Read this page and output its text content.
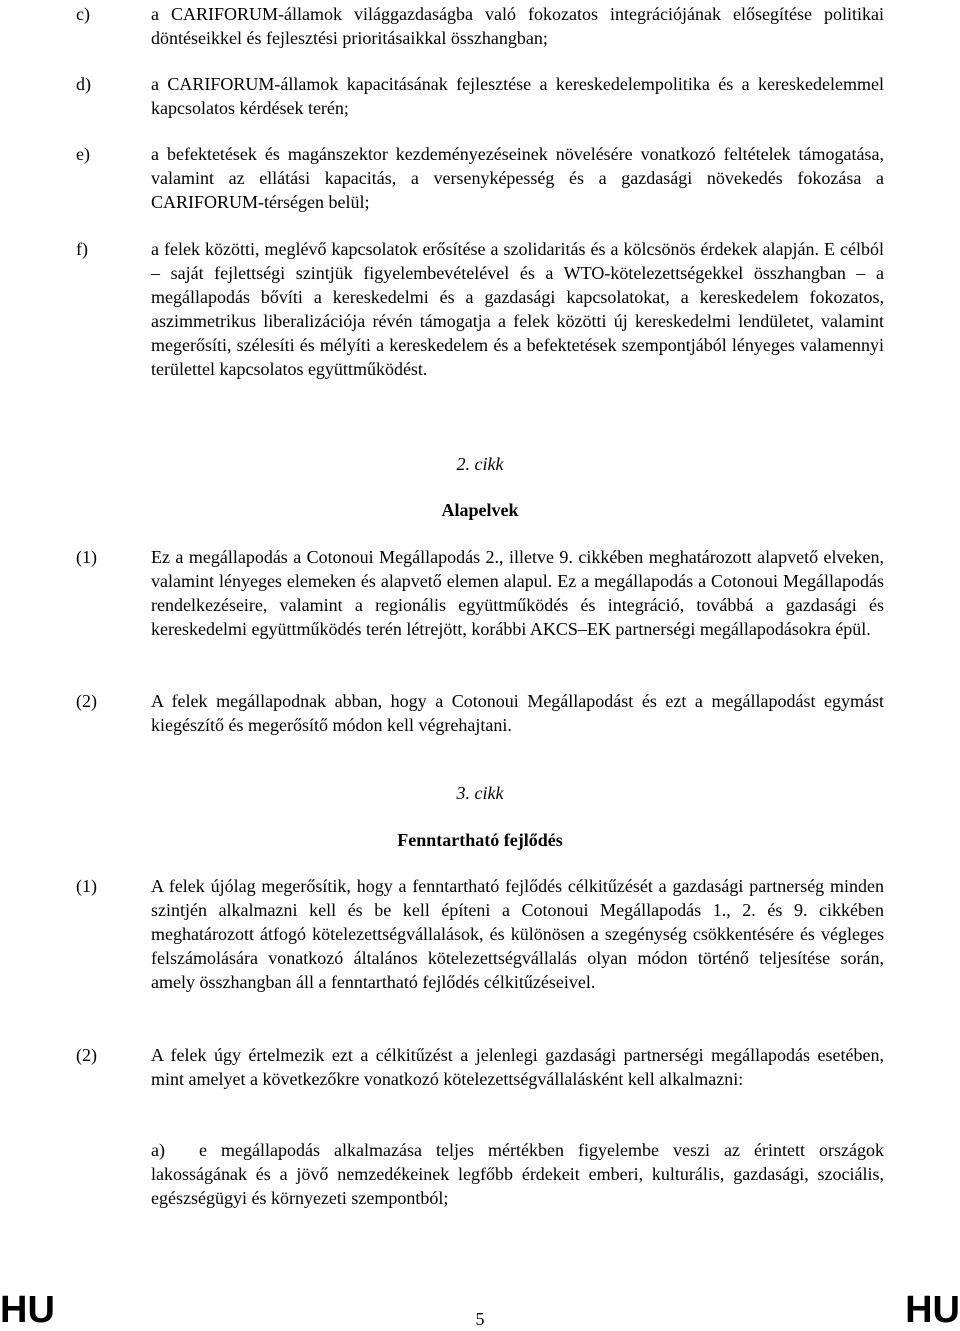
c)	a CARIFORUM-államok világgazdaságba való fokozatos integrációjának elősegítése politikai döntéseikkel és fejlesztési prioritásaikkal összhangban;
d)	a CARIFORUM-államok kapacitásának fejlesztése a kereskedelempolitika és a kereskedelemmel kapcsolatos kérdések terén;
e)	a befektetések és magánszektor kezdeményezéseinek növelésére vonatkozó feltételek támogatása, valamint az ellátási kapacitás, a versenyképesség és a gazdasági növekedés fokozása a CARIFORUM-térségen belül;
f)	a felek közötti, meglévő kapcsolatok erősítése a szolidaritás és a kölcsönös érdekek alapján. E célból – saját fejlettségi szintjük figyelembevételével és a WTO-kötelezettségekkel összhangban – a megállapodás bővíti a kereskedelmi és a gazdasági kapcsolatokat, a kereskedelem fokozatos, aszimmetrikus liberalizációja révén támogatja a felek közötti új kereskedelmi lendületet, valamint megerősíti, szélesíti és mélyíti a kereskedelem és a befektetések szempontjából lényeges valamennyi területtel kapcsolatos együttműködést.
2. cikk
Alapelvek
(1)	Ez a megállapodás a Cotonoui Megállapodás 2., illetve 9. cikkében meghatározott alapvető elveken, valamint lényeges elemeken és alapvető elemen alapul. Ez a megállapodás a Cotonoui Megállapodás rendelkezéseire, valamint a regionális együttműködés és integráció, továbbá a gazdasági és kereskedelmi együttműködés terén létrejött, korábbi AKCS–EK partnerségi megállapodásokra épül.
(2)	A felek megállapodnak abban, hogy a Cotonoui Megállapodást és ezt a megállapodást egymást kiegészítő és megerősítő módon kell végrehajtani.
3. cikk
Fenntartható fejlődés
(1)	A felek újólag megerősítik, hogy a fenntartható fejlődés célkitűzését a gazdasági partnerség minden szintjén alkalmazni kell és be kell építeni a Cotonoui Megállapodás 1., 2. és 9. cikkében meghatározott átfogó kötelezettségvállalások, és különösen a szegénység csökkentésére és végleges felszámolására vonatkozó általános kötelezettségvállalás olyan módon történő teljesítése során, amely összhangban áll a fenntartható fejlődés célkitűzéseivel.
(2)	A felek úgy értelmezik ezt a célkitűzést a jelenlegi gazdasági partnerségi megállapodás esetében, mint amelyet a következőkre vonatkozó kötelezettségvállalásként kell alkalmazni:
a) e megállapodás alkalmazása teljes mértékben figyelembe veszi az érintett országok lakosságának és a jövő nemzedékeinek legfőbb érdekeit emberi, kulturális, gazdasági, szociális, egészségügyi és környezeti szempontból;
HU	5	HU
